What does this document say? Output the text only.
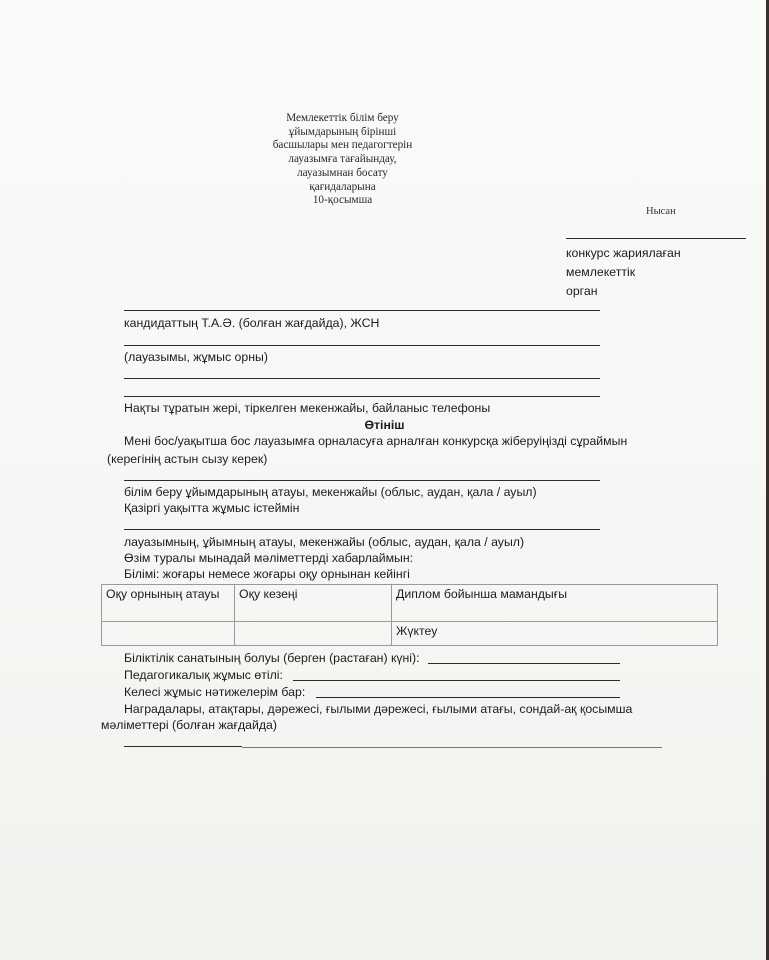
Мемлекеттік білім беру
ұйымдарының бірінші
басшылары мен педагогтерін
лауазымға тағайындау,
лауазымнан босату
қағидаларына
10-қосымша
Нысан
конкурс жариялаған
мемлекеттік
орган
кандидаттың Т.А.Ә. (болған жағдайда), ЖСН
(лауазымы, жұмыс орны)
Нақты тұратын жері, тіркелген мекенжайы, байланыс телефоны
Өтініш
Мені бос/уақытша бос лауазымға орналасуға арналған конкурсқа жіберуіңізді сұраймын
(керегінің астын сызу керек)
білім беру ұйымдарының атауы, мекенжайы (облыс, аудан, қала / ауыл)
Қазіргі уақытта жұмыс істеймін
лауазымның, ұйымның атауы, мекенжайы (облыс, аудан, қала / ауыл)
Өзім туралы мынадай мәліметтерді хабарлаймын:
Білімі: жоғары немесе жоғары оқу орнынан кейінгі
Оқу орнының атауы	Оқу кезеңі	Диплом бойынша мамандығы
		Жүктеу
Біліктілік санатының болуы (берген (растаған) күні):
Педагогикалық жұмыс өтілі:
Келесі жұмыс нәтижелерім бар:
Наградалары, атақтары, дәрежесі, ғылыми дәрежесі, ғылыми атағы, сондай-ақ қосымша
мәліметтері (болған жағдайда)
